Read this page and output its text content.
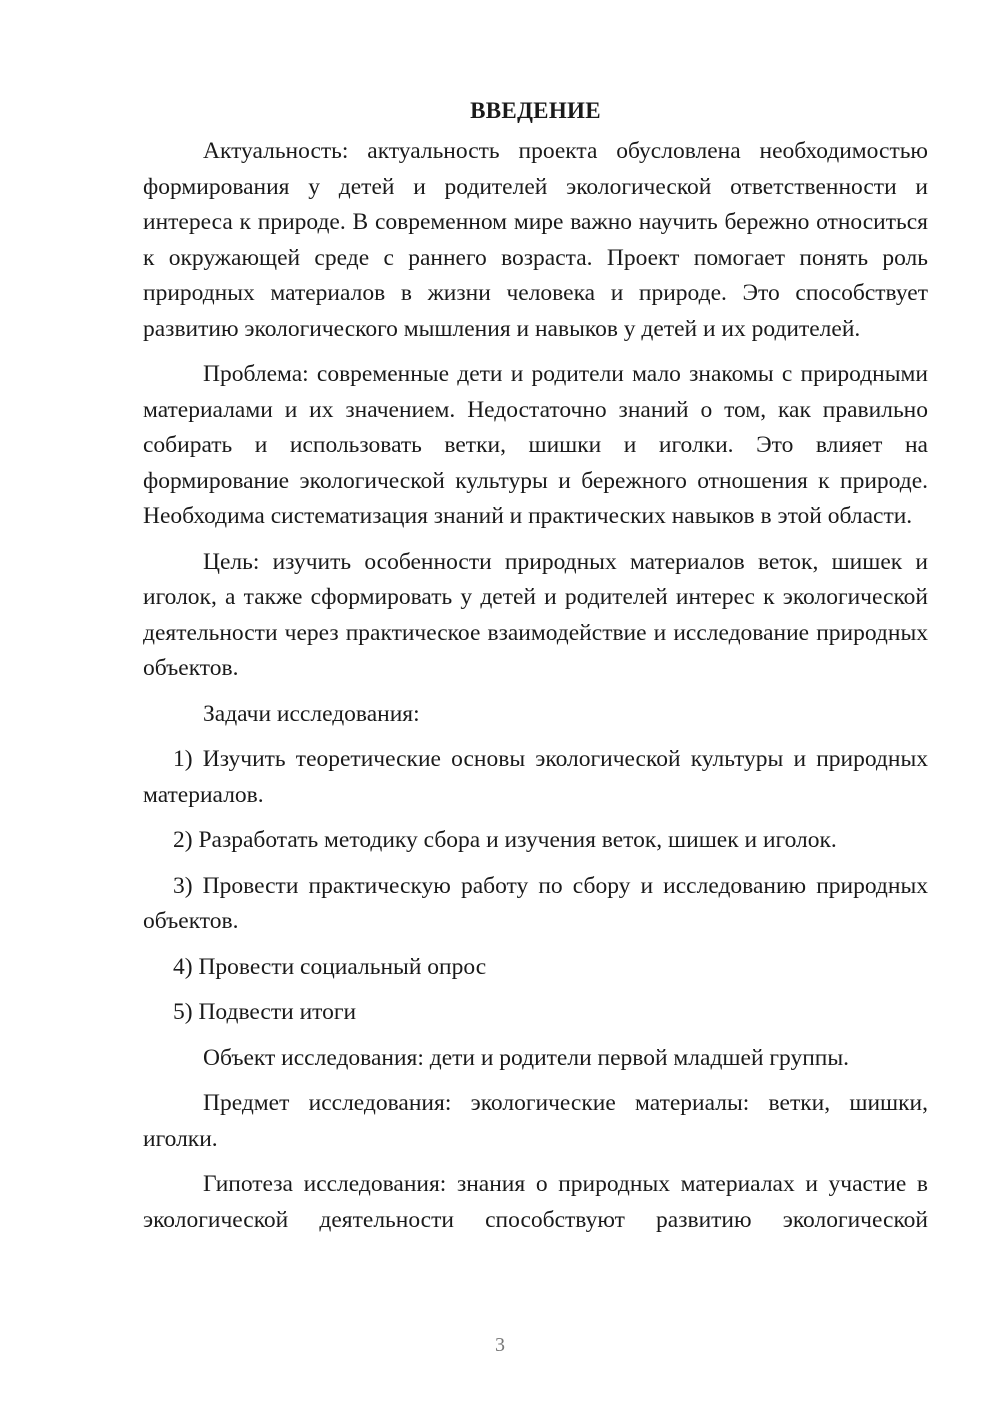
ВВЕДЕНИЕ

Актуальность: актуальность проекта обусловлена необходимостью формирования у детей и родителей экологической ответственности и интереса к природе. В современном мире важно научить бережно относиться к окружающей среде с раннего возраста. Проект помогает понять роль природных материалов в жизни человека и природе. Это способствует развитию экологического мышления и навыков у детей и их родителей.

Проблема: современные дети и родители мало знакомы с природными материалами и их значением. Недостаточно знаний о том, как правильно собирать и использовать ветки, шишки и иголки. Это влияет на формирование экологической культуры и бережного отношения к природе. Необходима систематизация знаний и практических навыков в этой области.

Цель: изучить особенности природных материалов веток, шишек и иголок, а также сформировать у детей и родителей интерес к экологической деятельности через практическое взаимодействие и исследование природных объектов.

Задачи исследования:

1) Изучить теоретические основы экологической культуры и природных материалов.

2) Разработать методику сбора и изучения веток, шишек и иголок.

3) Провести практическую работу по сбору и исследованию природных объектов.

4) Провести социальный опрос

5) Подвести итоги

Объект исследования: дети и родители первой младшей группы.

Предмет исследования: экологические материалы: ветки, шишки, иголки.

Гипотеза исследования: знания о природных материалах и участие в экологической деятельности способствуют развитию экологической

3
